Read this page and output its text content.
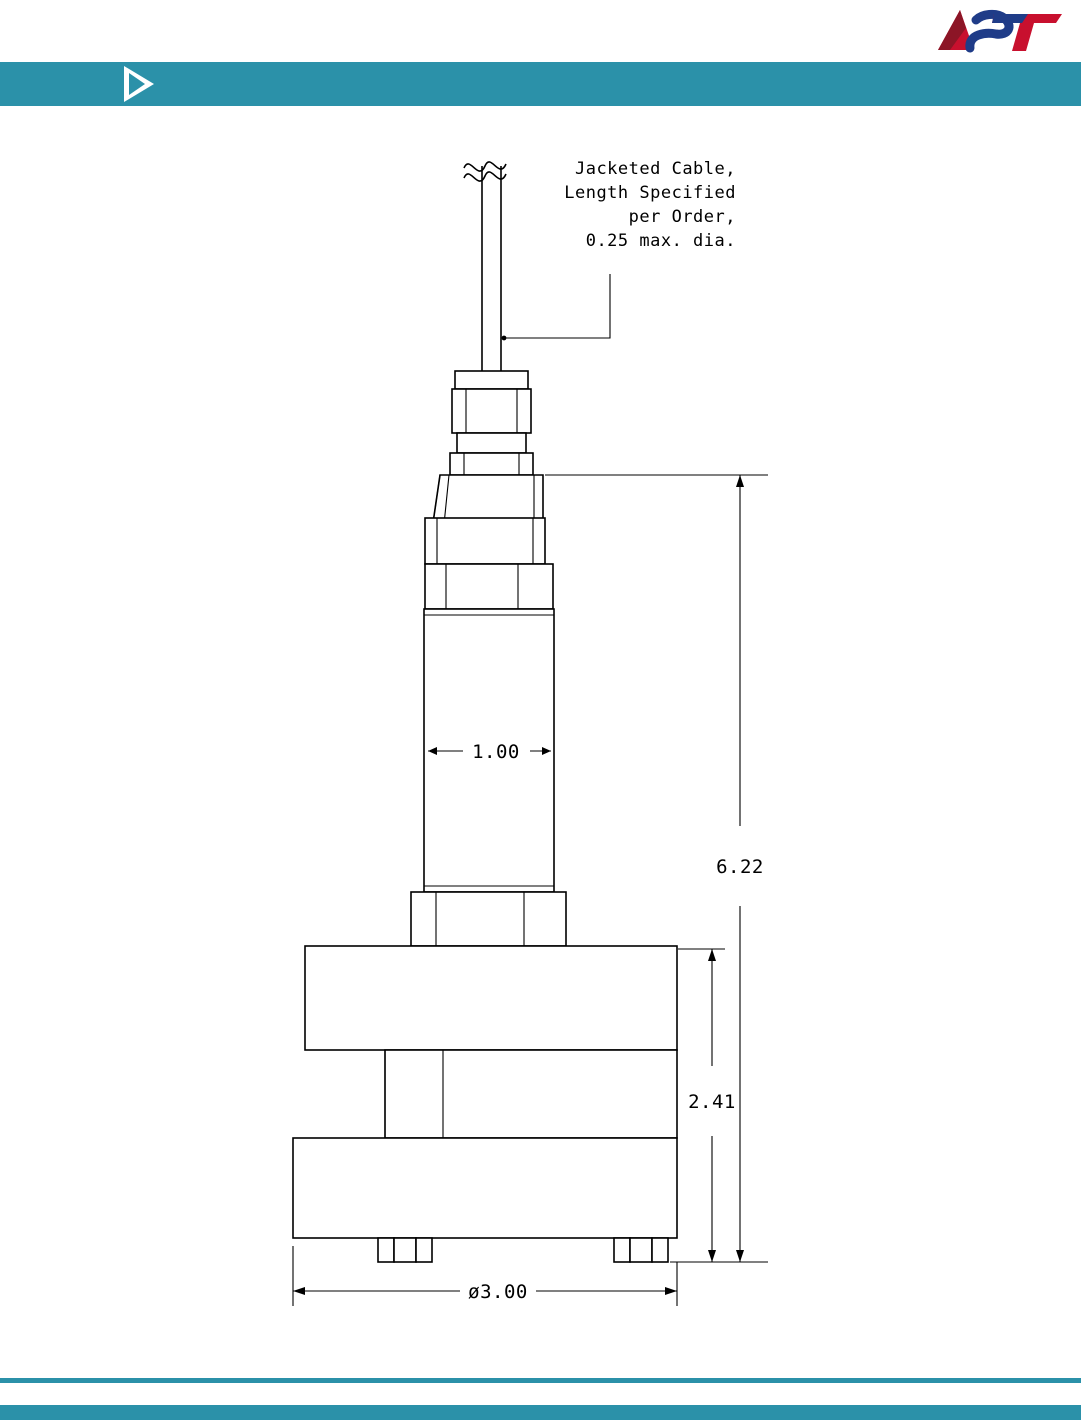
Jacketed Cable,
Length Specified
per Order,
0.25 max. dia.
1.00
6.22
2.41
ø3.00
